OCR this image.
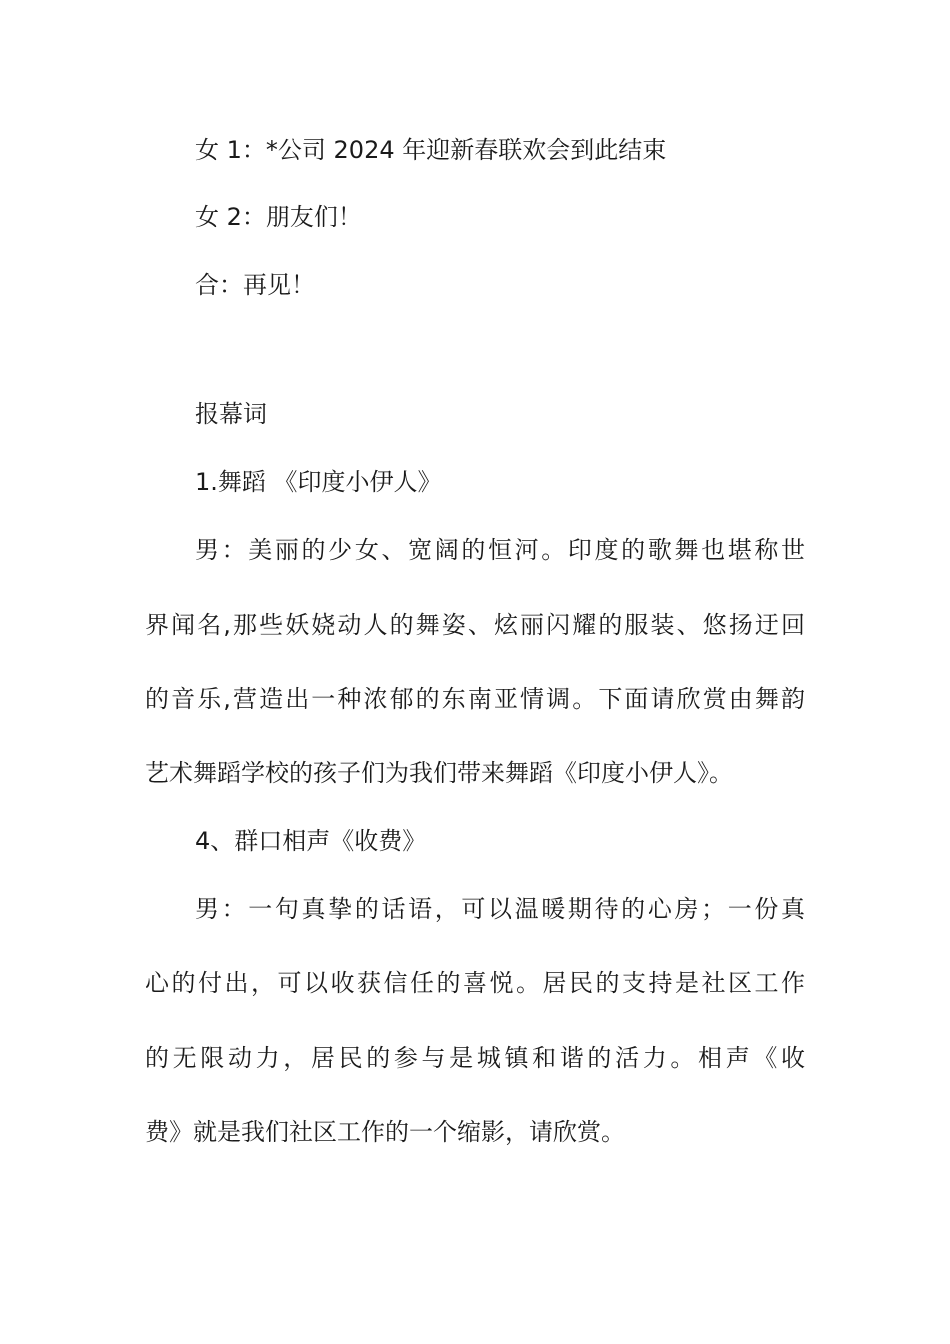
女 1：*公司 2024 年迎新春联欢会到此结束

女 2：朋友们！

合：再见！

报幕词

1.舞蹈 《印度小伊人》

男：美丽的少女、宽阔的恒河。印度的歌舞也堪称世

界闻名,那些妖娆动人的舞姿、炫丽闪耀的服装、悠扬迂回

的音乐,营造出一种浓郁的东南亚情调。下面请欣赏由舞韵

艺术舞蹈学校的孩子们为我们带来舞蹈《印度小伊人》。

4、群口相声《收费》

男：一句真挚的话语，可以温暖期待的心房；一份真

心的付出，可以收获信任的喜悦。居民的支持是社区工作

的无限动力，居民的参与是城镇和谐的活力。相声《收

费》就是我们社区工作的一个缩影，请欣赏。
